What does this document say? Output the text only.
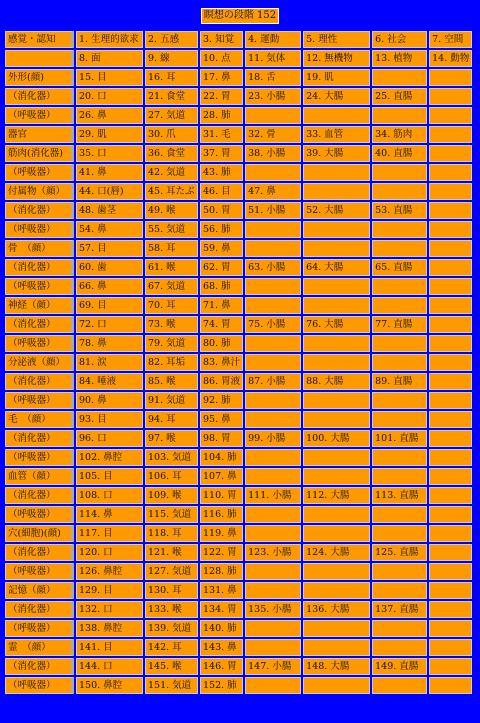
瞑想の段階 152
感覚・認知	1. 生理的欲求	2. 五感	3. 知覚	4. 運動	5. 理性	6. 社会	7. 空間
	8. 面	9. 線	10. 点	11. 気体	12. 無機物	13. 植物	14. 動物
外形(顔)	15. 目	16. 耳	17. 鼻	18. 舌	19. 肌		
（消化器）	20. 口	21. 食堂	22. 胃	23. 小腸	24. 大腸	25. 直腸	
（呼吸器）	26. 鼻	27. 気道	28. 肺				
器官	29. 肌	30. 爪	31. 毛	32. 骨	33. 血管	34. 筋肉	
筋肉(消化器)	35. 口	36. 食堂	37. 胃	38. 小腸	39. 大腸	40. 直腸	
（呼吸器）	41. 鼻	42. 気道	43. 肺				
付属物（顔）	44. 口(唇)	45. 耳たぶ	46. 目	47. 鼻			
（消化器）	48. 歯茎	49. 喉	50. 胃	51. 小腸	52. 大腸	53. 直腸	
（呼吸器）	54. 鼻	55. 気道	56. 肺				
骨　（顔）	57. 目	58. 耳	59. 鼻				
（消化器）	60. 歯	61. 喉	62. 胃	63. 小腸	64. 大腸	65. 直腸	
（呼吸器）	66. 鼻	67. 気道	68. 肺				
神経（顔）	69. 目	70. 耳	71. 鼻				
（消化器）	72. 口	73. 喉	74. 胃	75. 小腸	76. 大腸	77. 直腸	
（呼吸器）	78. 鼻	79. 気道	80. 肺				
分泌液（顔）	81. 涙	82. 耳垢	83. 鼻汁				
（消化器）	84. 唾液	85. 喉	86. 胃液	87. 小腸	88. 大腸	89. 直腸	
（呼吸器）	90. 鼻	91. 気道	92. 肺				
毛　（顔）	93. 目	94. 耳	95. 鼻				
（消化器）	96. 口	97. 喉	98. 胃	99. 小腸	100. 大腸	101. 直腸	
（呼吸器）	102. 鼻腔	103. 気道	104. 肺				
血管（顔）	105. 目	106. 耳	107. 鼻				
（消化器）	108. 口	109. 喉	110. 胃	111. 小腸	112. 大腸	113. 直腸	
（呼吸器）	114. 鼻	115. 気道	116. 肺				
穴(細胞)(顔)	117. 目	118. 耳	119. 鼻				
（消化器）	120. 口	121. 喉	122. 胃	123. 小腸	124. 大腸	125. 直腸	
（呼吸器）	126. 鼻腔	127. 気道	128. 肺				
記憶（顔）	129. 目	130. 耳	131. 鼻				
（消化器）	132. 口	133. 喉	134. 胃	135. 小腸	136. 大腸	137. 直腸	
（呼吸器）	138. 鼻腔	139. 気道	140. 肺				
霊　（顔）	141. 目	142. 耳	143. 鼻				
（消化器）	144. 口	145. 喉	146. 胃	147. 小腸	148. 大腸	149. 直腸	
（呼吸器）	150. 鼻腔	151. 気道	152. 肺				
